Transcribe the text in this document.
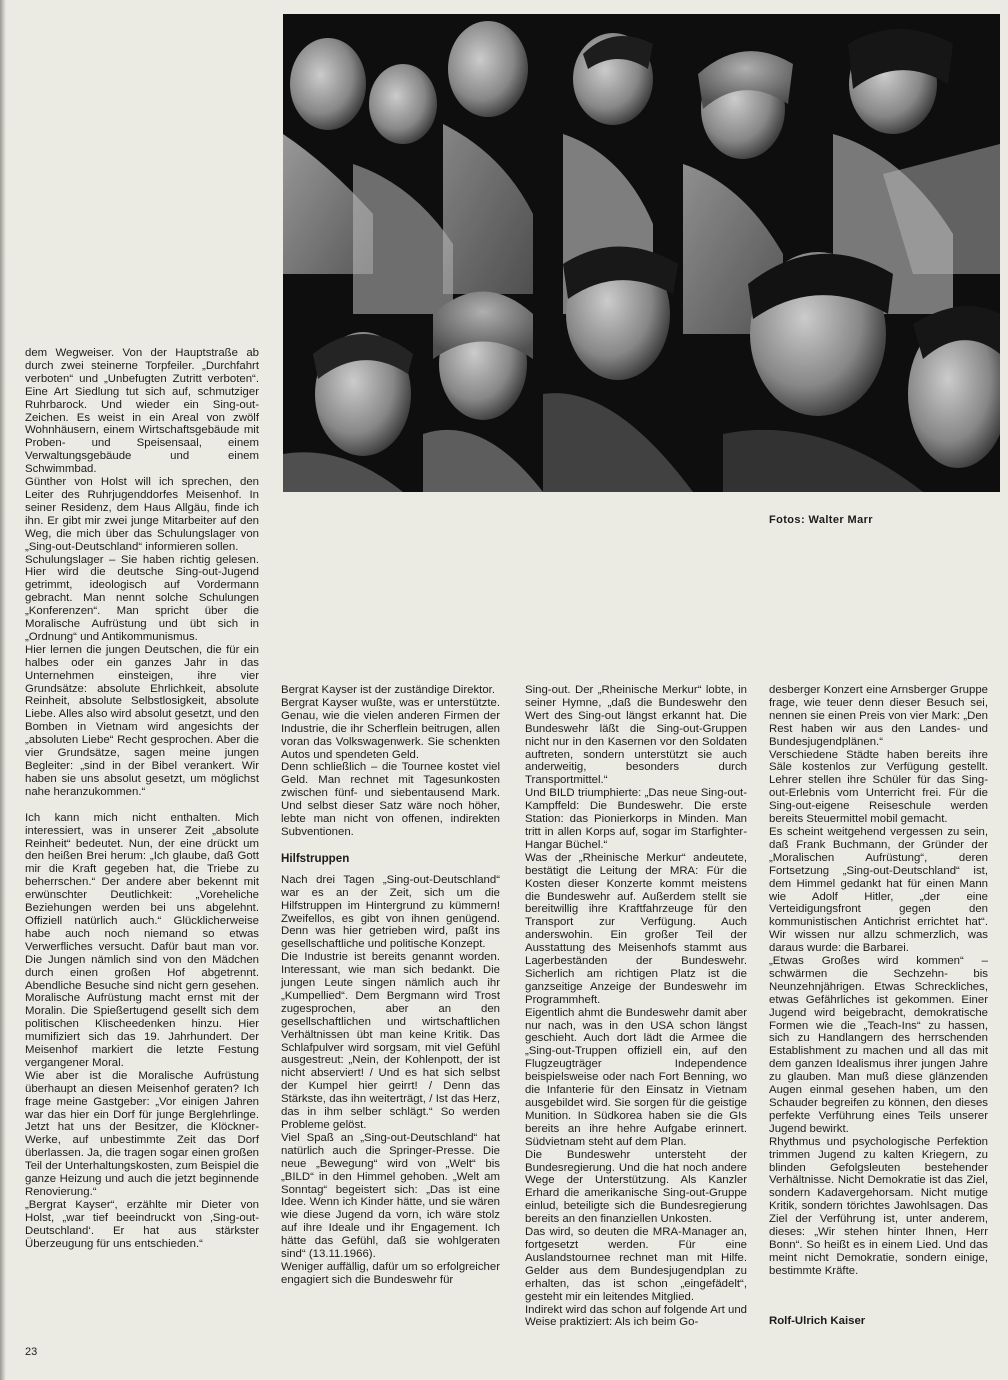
Fotos: Walter Marr

dem Wegweiser. Von der Hauptstraße ab durch zwei steinerne Torpfeiler. „Durchfahrt verboten“ und „Unbefugten Zutritt verboten“. Eine Art Siedlung tut sich auf, schmutziger Ruhrbarock. Und wieder ein Sing-out-Zeichen. Es weist in ein Areal von zwölf Wohnhäusern, einem Wirtschaftsgebäude mit Proben- und Speisensaal, einem Verwaltungsgebäude und einem Schwimmbad.

Günther von Holst will ich sprechen, den Leiter des Ruhrjugenddorfes Meisenhof. In seiner Residenz, dem Haus Allgäu, finde ich ihn. Er gibt mir zwei junge Mitarbeiter auf den Weg, die mich über das Schulungslager von „Sing-out-Deutschland“ informieren sollen.

Schulungslager – Sie haben richtig gelesen. Hier wird die deutsche Sing-out-Jugend getrimmt, ideologisch auf Vordermann gebracht. Man nennt solche Schulungen „Konferenzen“. Man spricht über die Moralische Aufrüstung und übt sich in „Ordnung“ und Antikommunismus.

Hier lernen die jungen Deutschen, die für ein halbes oder ein ganzes Jahr in das Unternehmen einsteigen, ihre vier Grundsätze: absolute Ehrlichkeit, absolute Reinheit, absolute Selbstlosigkeit, absolute Liebe. Alles also wird absolut gesetzt, und den Bomben in Vietnam wird angesichts der „absoluten Liebe“ Recht gesprochen. Aber die vier Grundsätze, sagen meine jungen Begleiter: „sind in der Bibel verankert. Wir haben sie uns absolut gesetzt, um möglichst nahe heranzukommen.“

Ich kann mich nicht enthalten. Mich interessiert, was in unserer Zeit „absolute Reinheit“ bedeutet. Nun, der eine drückt um den heißen Brei herum: „Ich glaube, daß Gott mir die Kraft gegeben hat, die Triebe zu beherrschen.“ Der andere aber bekennt mit erwünschter Deutlichkeit: „Voreheliche Beziehungen werden bei uns abgelehnt. Offiziell natürlich auch.“ Glücklicherweise habe auch noch niemand so etwas Verwerfliches versucht. Dafür baut man vor. Die Jungen nämlich sind von den Mädchen durch einen großen Hof abgetrennt. Abendliche Besuche sind nicht gern gesehen. Moralische Aufrüstung macht ernst mit der Moralin. Die Spießertugend gesellt sich dem politischen Klischeedenken hinzu. Hier mumifiziert sich das 19. Jahrhundert. Der Meisenhof markiert die letzte Festung vergangener Moral.

Wie aber ist die Moralische Aufrüstung überhaupt an diesen Meisenhof geraten? Ich frage meine Gastgeber: „Vor einigen Jahren war das hier ein Dorf für junge Berglehrlinge. Jetzt hat uns der Besitzer, die Klöckner-Werke, auf unbestimmte Zeit das Dorf überlassen. Ja, die tragen sogar einen großen Teil der Unterhaltungskosten, zum Beispiel die ganze Heizung und auch die jetzt beginnende Renovierung.“

„Bergrat Kayser“, erzählte mir Dieter von Holst, „war tief beeindruckt von ‚Sing-out-Deutschland‘. Er hat aus stärkster Überzeugung für uns entschieden.“

Bergrat Kayser ist der zuständige Direktor.

Bergrat Kayser wußte, was er unterstützte. Genau, wie die vielen anderen Firmen der Industrie, die ihr Scherflein beitrugen, allen voran das Volkswagenwerk. Sie schenkten Autos und spendeten Geld.

Denn schließlich – die Tournee kostet viel Geld. Man rechnet mit Tagesunkosten zwischen fünf- und siebentausend Mark. Und selbst dieser Satz wäre noch höher, lebte man nicht von offenen, indirekten Subventionen.

Hilfstruppen

Nach drei Tagen „Sing-out-Deutschland“ war es an der Zeit, sich um die Hilfstruppen im Hintergrund zu kümmern! Zweifellos, es gibt von ihnen genügend. Denn was hier getrieben wird, paßt ins gesellschaftliche und politische Konzept.

Die Industrie ist bereits genannt worden. Interessant, wie man sich bedankt. Die jungen Leute singen nämlich auch ihr „Kumpellied“. Dem Bergmann wird Trost zugesprochen, aber an den gesellschaftlichen und wirtschaftlichen Verhältnissen übt man keine Kritik. Das Schlafpulver wird sorgsam, mit viel Gefühl ausgestreut: „Nein, der Kohlenpott, der ist nicht abserviert! / Und es hat sich selbst der Kumpel hier geirrt! / Denn das Stärkste, das ihn weiterträgt, / Ist das Herz, das in ihm selber schlägt.“ So werden Probleme gelöst.

Viel Spaß an „Sing-out-Deutschland“ hat natürlich auch die Springer-Presse. Die neue „Bewegung“ wird von „Welt“ bis „BILD“ in den Himmel gehoben. „Welt am Sonntag“ begeistert sich: „Das ist eine Idee. Wenn ich Kinder hätte, und sie wären wie diese Jugend da vorn, ich wäre stolz auf ihre Ideale und ihr Engagement. Ich hätte das Gefühl, daß sie wohlgeraten sind“ (13.11.1966).

Weniger auffällig, dafür um so erfolgreicher engagiert sich die Bundeswehr für

Sing-out. Der „Rheinische Merkur“ lobte, in seiner Hymne, „daß die Bundeswehr den Wert des Sing-out längst erkannt hat. Die Bundeswehr läßt die Sing-out-Gruppen nicht nur in den Kasernen vor den Soldaten auftreten, sondern unterstützt sie auch anderweitig, besonders durch Transportmittel.“

Und BILD triumphierte: „Das neue Sing-out-Kampffeld: Die Bundeswehr. Die erste Station: das Pionierkorps in Minden. Man tritt in allen Korps auf, sogar im Starfighter-Hangar Büchel.“

Was der „Rheinische Merkur“ andeutete, bestätigt die Leitung der MRA: Für die Kosten dieser Konzerte kommt meistens die Bundeswehr auf. Außerdem stellt sie bereitwillig ihre Kraftfahrzeuge für den Transport zur Verfügung. Auch anderswohin. Ein großer Teil der Ausstattung des Meisenhofs stammt aus Lagerbeständen der Bundeswehr. Sicherlich am richtigen Platz ist die ganzseitige Anzeige der Bundeswehr im Programmheft.

Eigentlich ahmt die Bundeswehr damit aber nur nach, was in den USA schon längst geschieht. Auch dort lädt die Armee die „Sing-out-Truppen offiziell ein, auf den Flugzeugträger Independence beispielsweise oder nach Fort Benning, wo die Infanterie für den Einsatz in Vietnam ausgebildet wird. Sie sorgen für die geistige Munition. In Südkorea haben sie die GIs bereits an ihre hehre Aufgabe erinnert. Südvietnam steht auf dem Plan.

Die Bundeswehr untersteht der Bundesregierung. Und die hat noch andere Wege der Unterstützung. Als Kanzler Erhard die amerikanische Sing-out-Gruppe einlud, beteiligte sich die Bundesregierung bereits an den finanziellen Unkosten.

Das wird, so deuten die MRA-Manager an, fortgesetzt werden. Für eine Auslandstournee rechnet man mit Hilfe. Gelder aus dem Bundesjugendplan zu erhalten, das ist schon „eingefädelt“, gesteht mir ein leitendes Mitglied.

Indirekt wird das schon auf folgende Art und Weise praktiziert: Als ich beim Go-

desberger Konzert eine Arnsberger Gruppe frage, wie teuer denn dieser Besuch sei, nennen sie einen Preis von vier Mark: „Den Rest haben wir aus den Landes- und Bundesjugendplänen.“

Verschiedene Städte haben bereits ihre Säle kostenlos zur Verfügung gestellt. Lehrer stellen ihre Schüler für das Sing-out-Erlebnis vom Unterricht frei. Für die Sing-out-eigene Reiseschule werden bereits Steuermittel mobil gemacht.

Es scheint weitgehend vergessen zu sein, daß Frank Buchmann, der Gründer der „Moralischen Aufrüstung“, deren Fortsetzung „Sing-out-Deutschland“ ist, dem Himmel gedankt hat für einen Mann wie Adolf Hitler, „der eine Verteidigungsfront gegen den kommunistischen Antichrist errichtet hat“. Wir wissen nur allzu schmerzlich, was daraus wurde: die Barbarei.

„Etwas Großes wird kommen“ – schwärmen die Sechzehn- bis Neunzehnjährigen. Etwas Schreckliches, etwas Gefährliches ist gekommen. Einer Jugend wird beigebracht, demokratische Formen wie die „Teach-Ins“ zu hassen, sich zu Handlangern des herrschenden Establishment zu machen und all das mit dem ganzen Idealismus ihrer jungen Jahre zu glauben. Man muß diese glänzenden Augen einmal gesehen haben, um den Schauder begreifen zu können, den dieses perfekte Verführung eines Teils unserer Jugend bewirkt.

Rhythmus und psychologische Perfektion trimmen Jugend zu kalten Kriegern, zu blinden Gefolgsleuten bestehender Verhältnisse. Nicht Demokratie ist das Ziel, sondern Kadavergehorsam. Nicht mutige Kritik, sondern törichtes Jawohlsagen. Das Ziel der Verführung ist, unter anderem, dieses: „Wir stehen hinter Ihnen, Herr Bonn“. So heißt es in einem Lied. Und das meint nicht Demokratie, sondern einige, bestimmte Kräfte.

Rolf-Ulrich Kaiser
23
